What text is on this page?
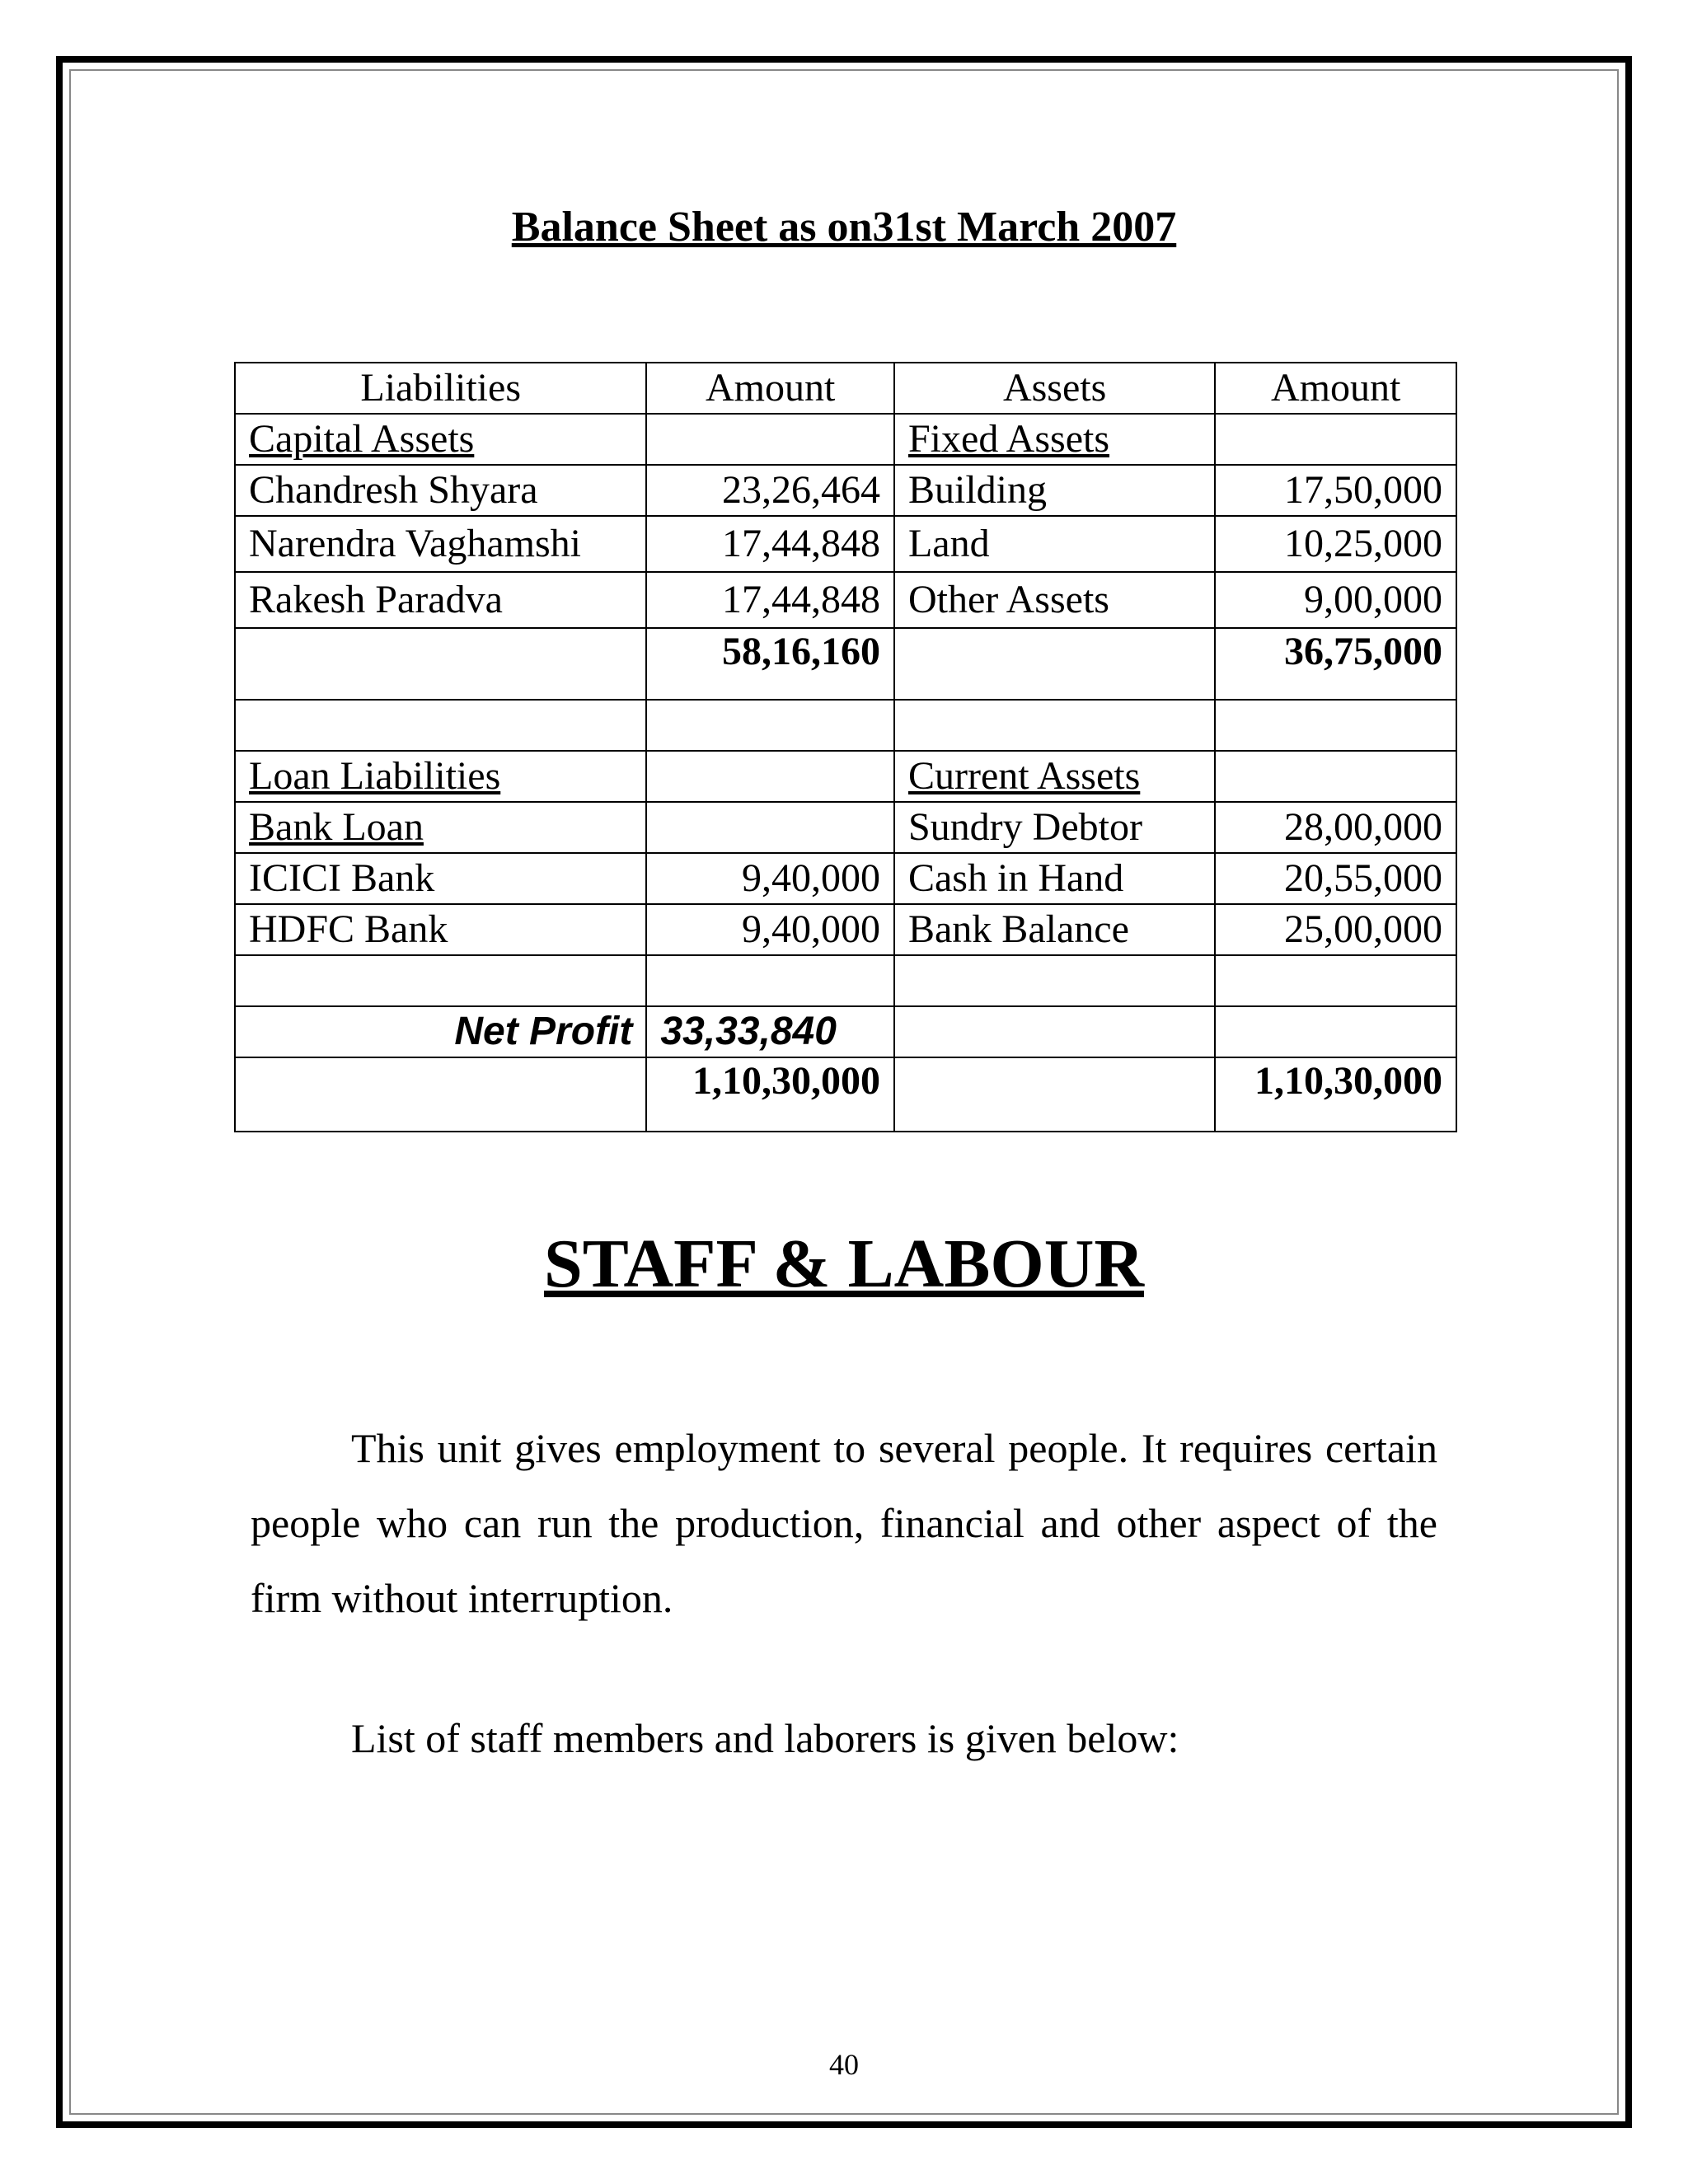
Balance Sheet as on31st March 2007
Liabilities	Amount	Assets	Amount
Capital Assets		Fixed Assets	
Chandresh Shyara	23,26,464	Building	17,50,000
Narendra Vaghamshi	17,44,848	Land	10,25,000
Rakesh Paradva	17,44,848	Other Assets	9,00,000
	58,16,160		36,75,000

Loan Liabilities		Current Assets	
Bank Loan		Sundry Debtor	28,00,000
ICICI Bank	9,40,000	Cash in Hand	20,55,000
HDFC Bank	9,40,000	Bank Balance	25,00,000

Net Profit	33,33,840		
	1,10,30,000		1,10,30,000
STAFF & LABOUR

This unit gives employment to several people. It requires certain people who can run the production, financial and other aspect of the firm without interruption.

List of staff members and laborers is given below:

40
